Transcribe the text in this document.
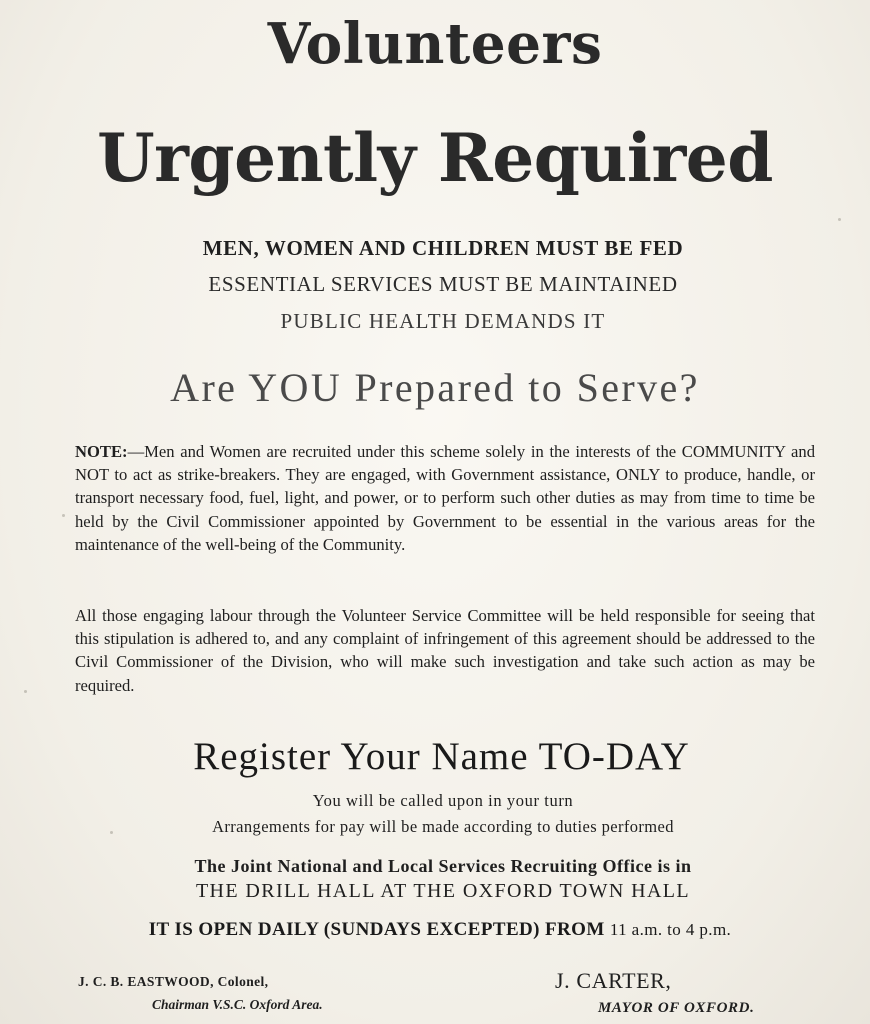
Volunteers
Urgently Required

MEN, WOMEN AND CHILDREN MUST BE FED

ESSENTIAL SERVICES MUST BE MAINTAINED

PUBLIC HEALTH DEMANDS IT

Are YOU Prepared to Serve?

NOTE:—Men and Women are recruited under this scheme solely in the interests of the COMMUNITY and NOT to act as strike-breakers. They are engaged, with Government assistance, ONLY to produce, handle, or transport necessary food, fuel, light, and power, or to perform such other duties as may from time to time be held by the Civil Commissioner appointed by Government to be essential in the various areas for the maintenance of the well-being of the Community.

All those engaging labour through the Volunteer Service Committee will be held responsible for seeing that this stipulation is adhered to, and any complaint of infringement of this agreement should be addressed to the Civil Commissioner of the Division, who will make such investigation and take such action as may be required.

Register Your Name TO-DAY

You will be called upon in your turn

Arrangements for pay will be made according to duties performed

The Joint National and Local Services Recruiting Office is in

THE DRILL HALL AT THE OXFORD TOWN HALL

IT IS OPEN DAILY (SUNDAYS EXCEPTED) FROM 11 a.m. to 4 p.m.

J. C. B. EASTWOOD, Colonel,

Chairman V.S.C. Oxford Area.

J. CARTER,

MAYOR OF OXFORD.
